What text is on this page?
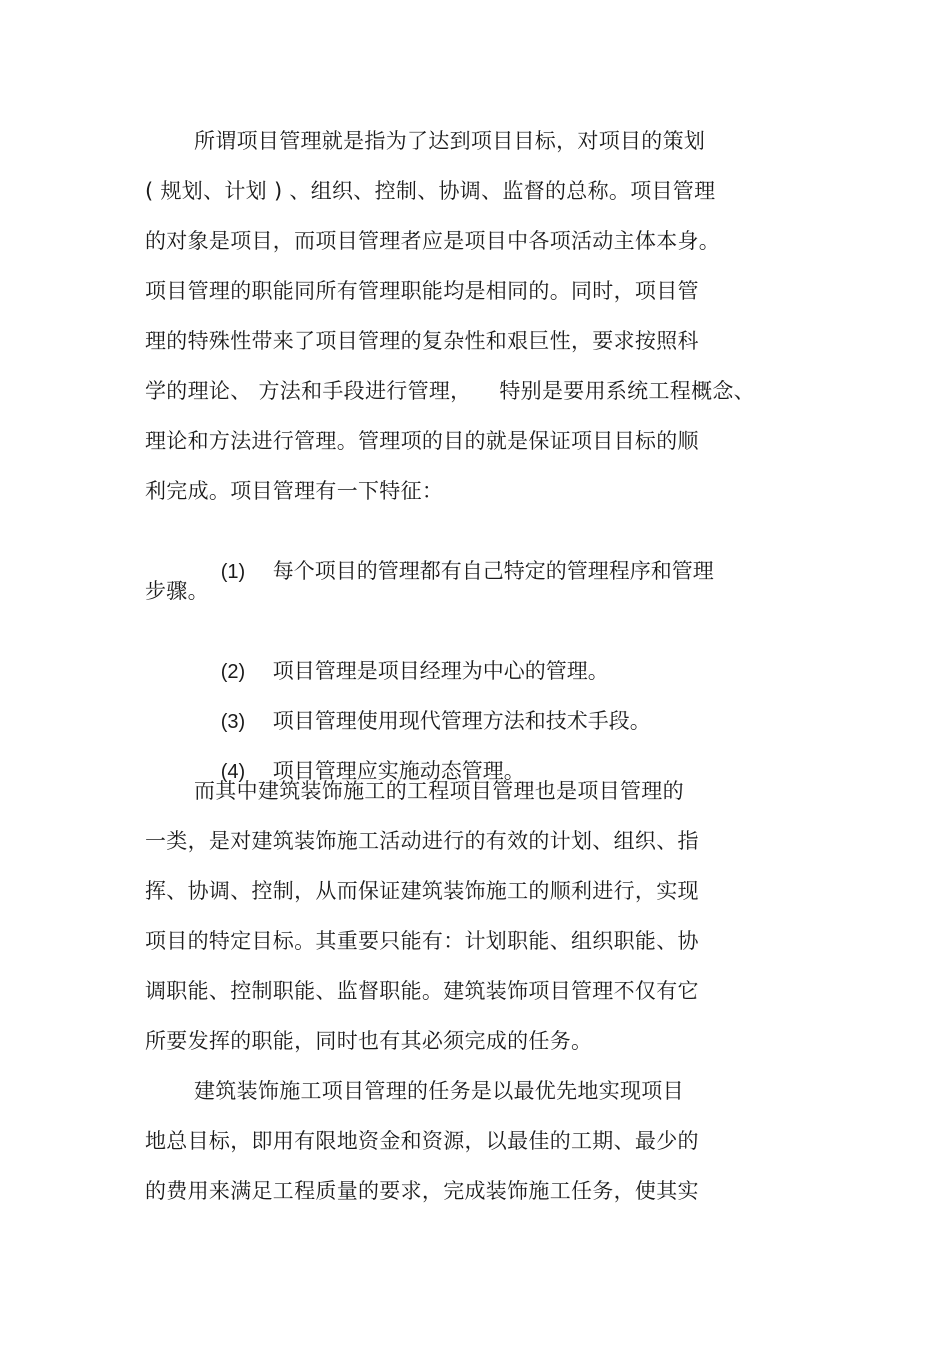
所谓项目管理就是指为了达到项目目标，对项目的策划
( 规划、计划 ) 、组织、控制、协调、监督的总称。项目管理
的对象是项目，而项目管理者应是项目中各项活动主体本身。
项目管理的职能同所有管理职能均是相同的。同时，项目管
理的特殊性带来了项目管理的复杂性和艰巨性，要求按照科
学的理论、 方法和手段进行管理，    特别是要用系统工程概念、
理论和方法进行管理。管理项的目的就是保证项目目标的顺
利完成。项目管理有一下特征：

(1) 每个项目的管理都有自己特定的管理程序和管理

步骤。

(2) 项目管理是项目经理为中心的管理。

(3) 项目管理使用现代管理方法和技术手段。

(4) 项目管理应实施动态管理。

而其中建筑装饰施工的工程项目管理也是项目管理的
一类，是对建筑装饰施工活动进行的有效的计划、组织、指
挥、协调、控制，从而保证建筑装饰施工的顺利进行，实现
项目的特定目标。其重要只能有：计划职能、组织职能、协
调职能、控制职能、监督职能。建筑装饰项目管理不仅有它
所要发挥的职能，同时也有其必须完成的任务。
建筑装饰施工项目管理的任务是以最优先地实现项目
地总目标，即用有限地资金和资源，以最佳的工期、最少的
的费用来满足工程质量的要求，完成装饰施工任务，使其实
